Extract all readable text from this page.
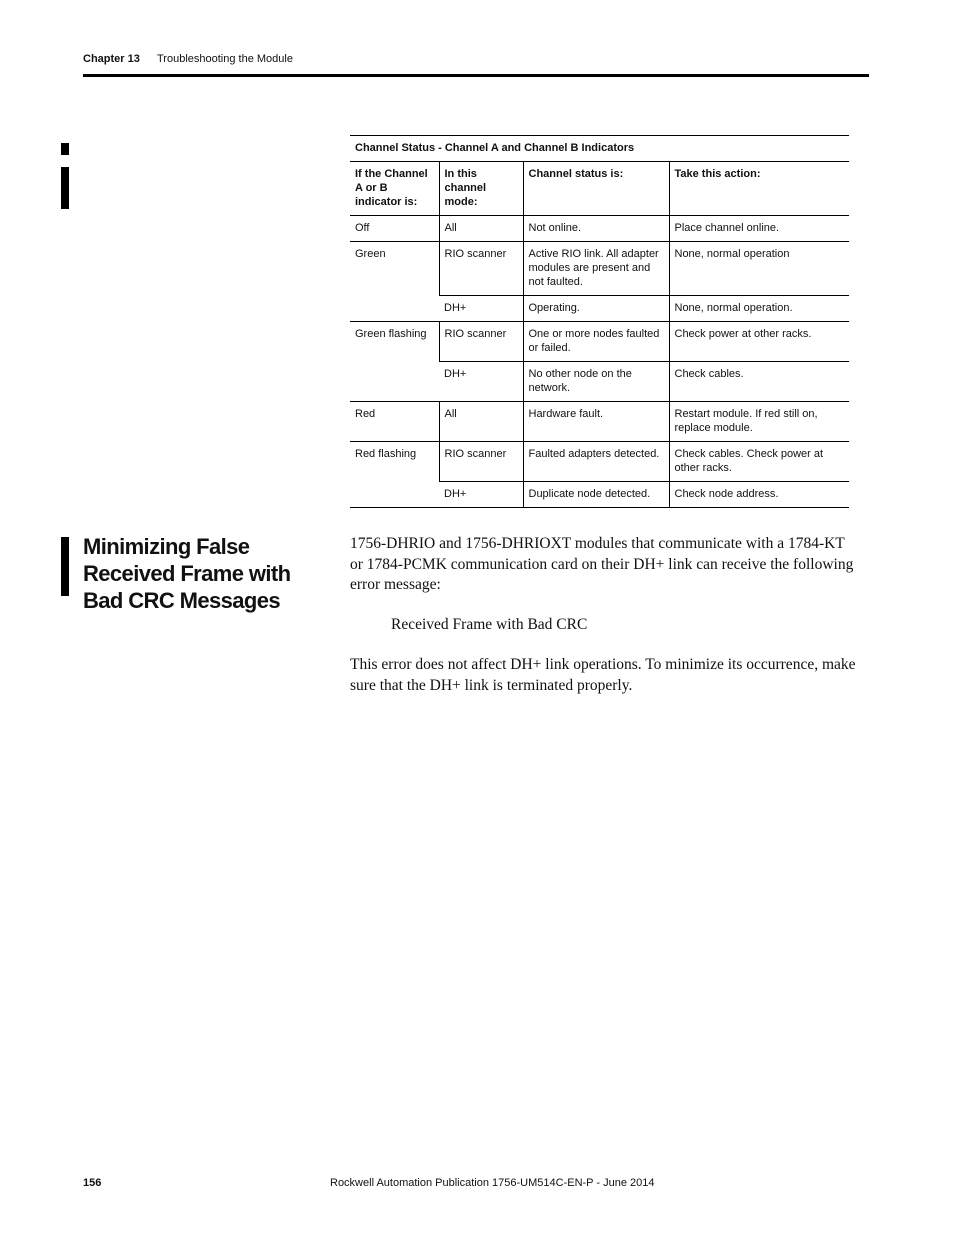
Chapter 13 Troubleshooting the Module
Channel Status - Channel A and Channel B Indicators
If the Channel A or B indicator is:	In this channel mode:	Channel status is:	Take this action:
Off	All	Not online.	Place channel online.
Green	RIO scanner	Active RIO link. All adapter modules are present and not faulted.	None, normal operation
	DH+	Operating.	None, normal operation.
Green flashing	RIO scanner	One or more nodes faulted or failed.	Check power at other racks.
	DH+	No other node on the network.	Check cables.
Red	All	Hardware fault.	Restart module. If red still on, replace module.
Red flashing	RIO scanner	Faulted adapters detected.	Check cables. Check power at other racks.
	DH+	Duplicate node detected.	Check node address.
Minimizing False Received Frame with Bad CRC Messages
1756-DHRIO and 1756-DHRIOXT modules that communicate with a 1784-KT or 1784-PCMK communication card on their DH+ link can receive the following error message:
Received Frame with Bad CRC
This error does not affect DH+ link operations. To minimize its occurrence, make sure that the DH+ link is terminated properly.
156	Rockwell Automation Publication 1756-UM514C-EN-P - June 2014
